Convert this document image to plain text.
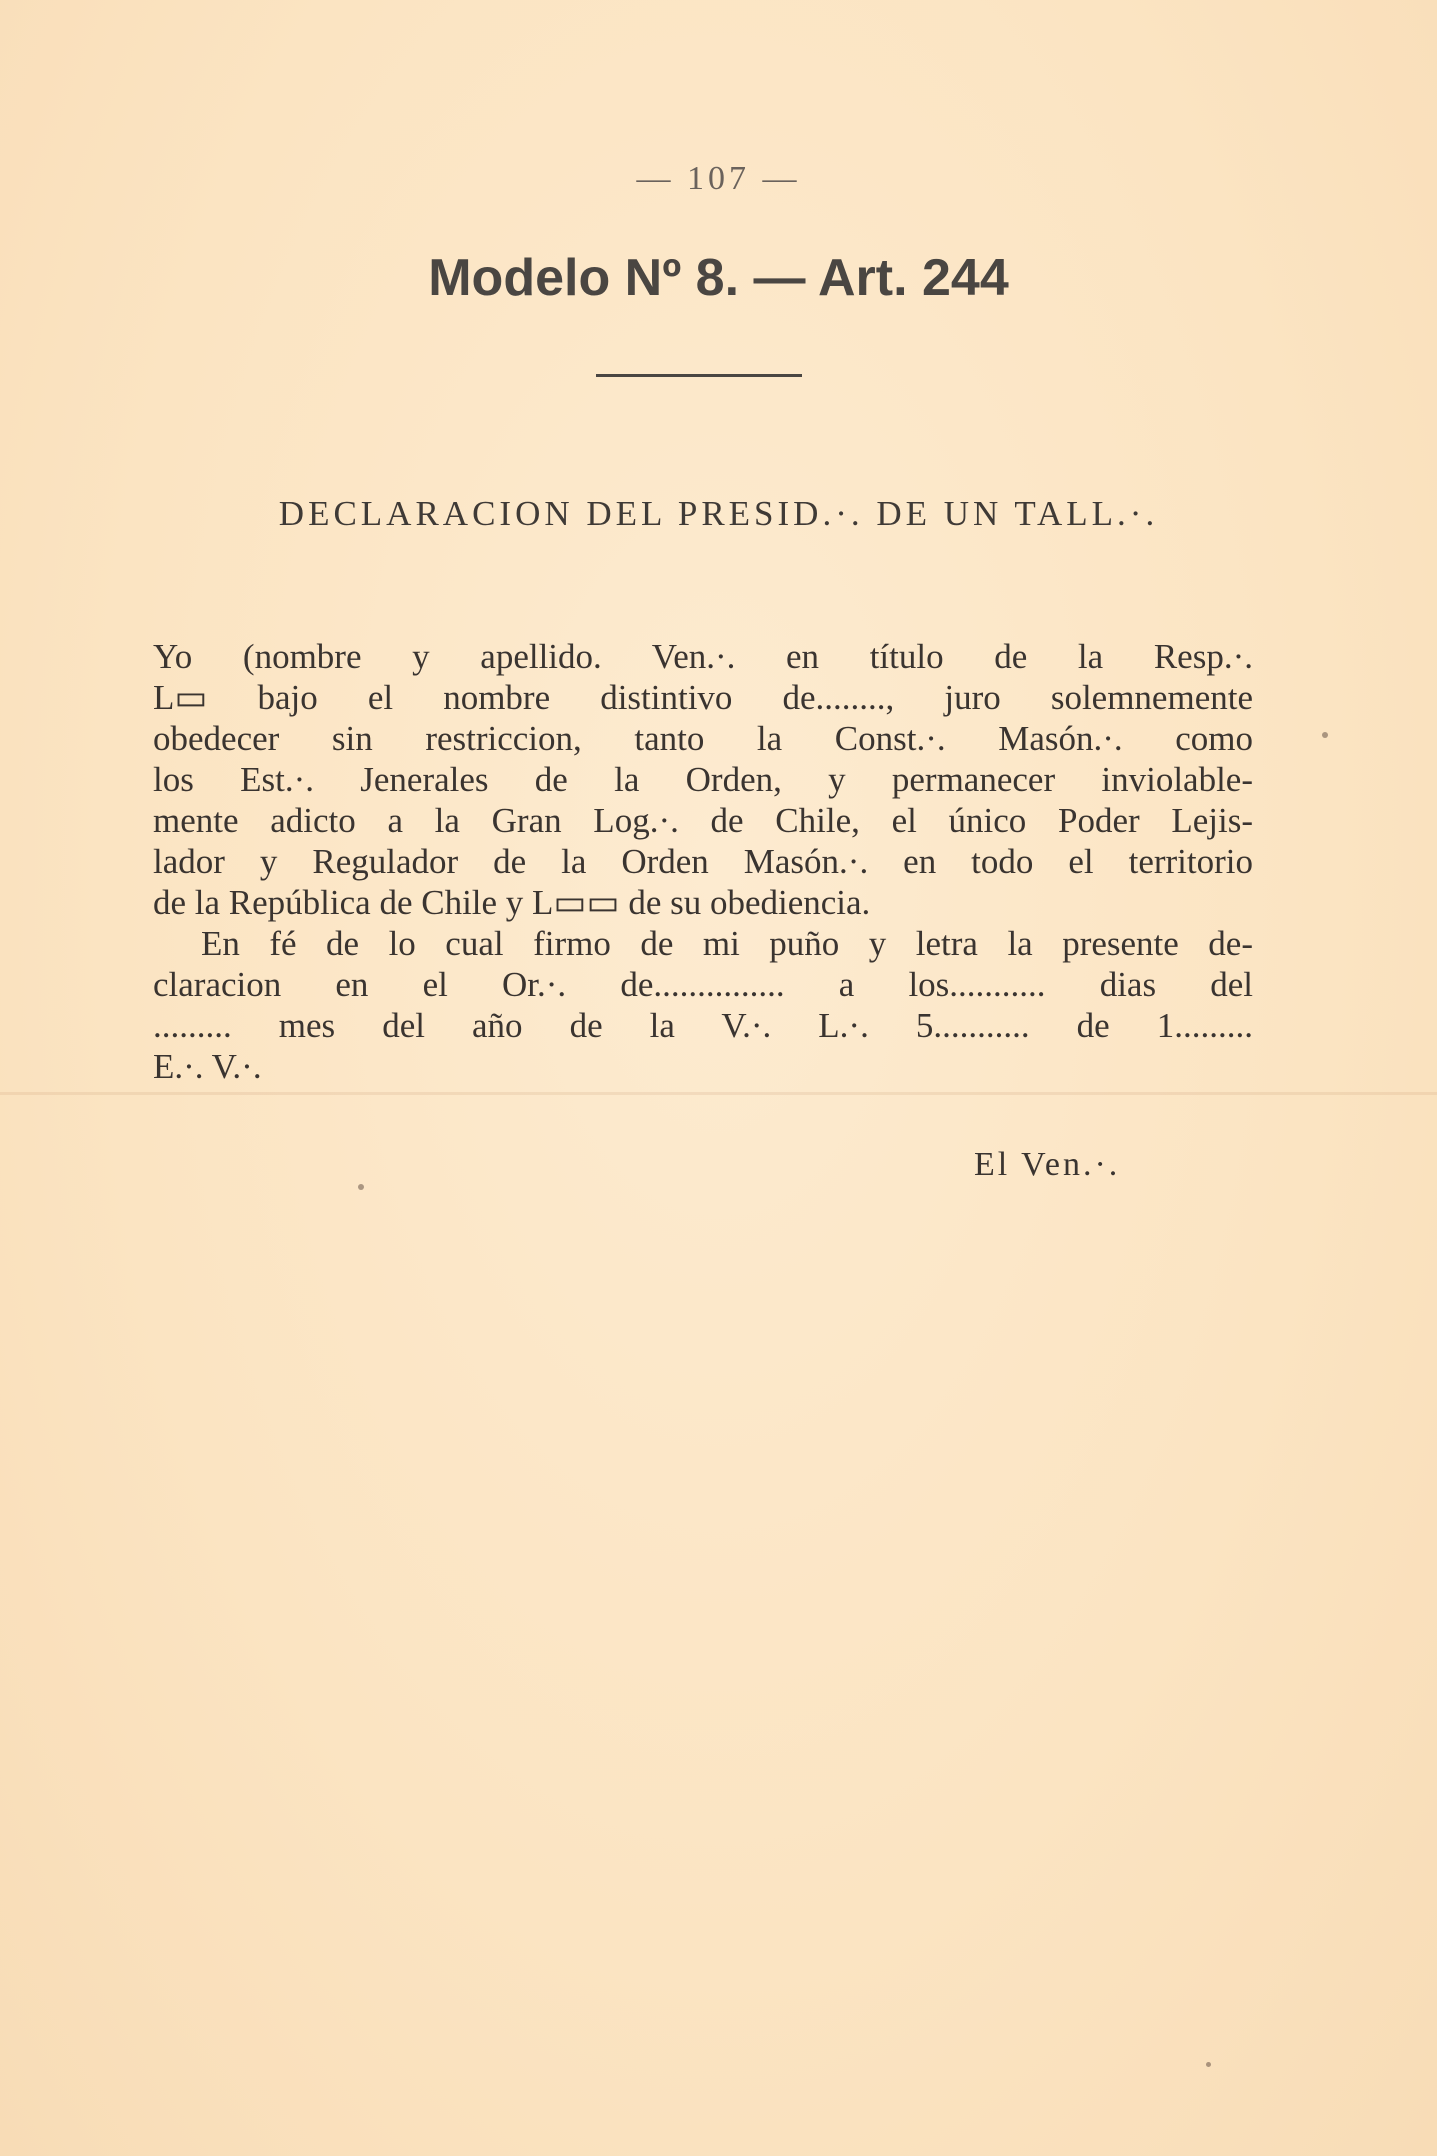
— 107 —
Modelo Nº 8. — Art. 244
DECLARACION DEL PRESID.·. DE UN TALL.·.
Yo (nombre y apellido. Ven.·. en título de la Resp.·.
L▭ bajo el nombre distintivo de........, juro solemnemente
obedecer sin restriccion, tanto la Const.·. Masón.·. como
los Est.·. Jenerales de la Orden, y permanecer inviolable-
mente adicto a la Gran Log.·. de Chile, el único Poder Lejis-
lador y Regulador de la Orden Masón.·. en todo el territorio
de la República de Chile y L▭▭ de su obediencia.
En fé de lo cual firmo de mi puño y letra la presente de-
claracion en el Or.·. de............... a los........... dias del
......... mes del año de la V.·. L.·. 5........... de 1.........
E.·. V.·.
El Ven.·.
